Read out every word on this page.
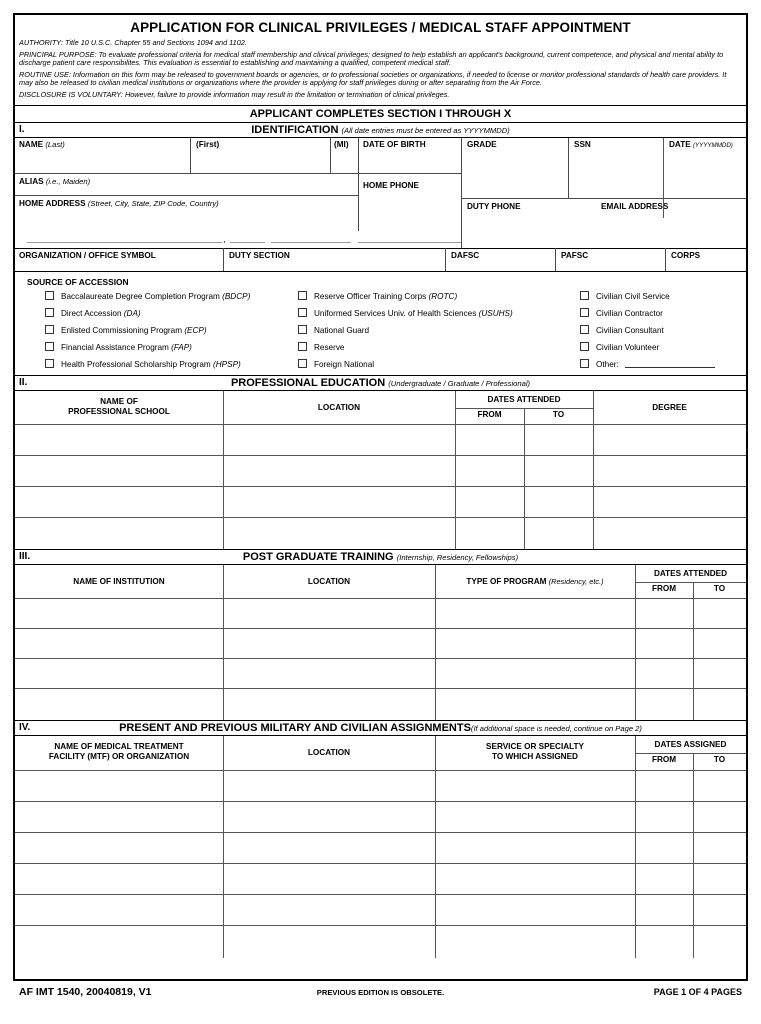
APPLICATION FOR CLINICAL PRIVILEGES / MEDICAL STAFF APPOINTMENT

AUTHORITY: Title 10 U.S.C. Chapter 55 and Sections 1094 and 1102.

PRINCIPAL PURPOSE: To evaluate professional criteria for medical staff membership and clinical privileges; designed to help establish an applicant's background, current competence, and physical and mental ability to discharge patient care responsibilites. This evaluation is essential to establishing and maintaining a qualified, competent medical staff.

ROUTINE USE: Information on this form may be released to government boards or agencies, or to professional societies or organizations, if needed to license or monitor professional standards of health care providers. It may also be released to civilian medical institutions or organizations where the provider is applying for staff privileges during or after separating from the Air Force.

DISCLOSURE IS VOLUNTARY: However, failure to provide information may result in the limitation or termination of clinical privileges.

APPLICANT COMPLETES SECTION I THROUGH X
I.	IDENTIFICATION (All date entries must be entered as YYYYMMDD)
NAME (Last)	(First)	(MI) DATE OF BIRTH	GRADE	SSN	DATE (YYYYMMDD)
ALIAS (i.e., Maiden)	HOME PHONE
HOME ADDRESS (Street, City, State, ZIP Code, Country)	DUTY PHONE	EMAIL ADDRESS
,
ORGANIZATION / OFFICE SYMBOL	DUTY SECTION	DAFSC	PAFSC	CORPS
SOURCE OF ACCESSION
Baccalaureate Degree Completion Program (BDCP)
Direct Accession (DA)
Enlisted Commissioning Program (ECP)
Financial Assistance Program (FAP)
Health Professional Scholarship Program (HPSP)
Reserve Officer Training Corps (ROTC)
Uniformed Services Univ. of Health Sciences (USUHS)
National Guard
Reserve
Foreign National
Civilian Civil Service
Civilian Contractor
Civilian Consultant
Civilian Volunteer
Other:
II.	PROFESSIONAL EDUCATION (Undergraduate / Graduate / Professional)
NAME OF
PROFESSIONAL SCHOOL	LOCATION
DATES ATTENDED
FROM	TO
DEGREE
III.	POST GRADUATE TRAINING (Internship, Residency, Fellowships)
NAME OF INSTITUTION	LOCATION	TYPE OF PROGRAM (Residency, etc.)
DATES ATTENDED
FROM	TO
IV.	PRESENT AND PREVIOUS MILITARY AND CIVILIAN ASSIGNMENTS(If additional space is needed, continue on Page 2)
NAME OF MEDICAL TREATMENT
FACILITY (MTF) OR ORGANIZATION	LOCATION
SERVICE OR SPECIALTY
TO WHICH ASSIGNED
DATES ASSIGNED
FROM	TO
AF IMT 1540, 20040819, V1	PREVIOUS EDITION IS OBSOLETE.	PAGE 1 OF 4 PAGES
